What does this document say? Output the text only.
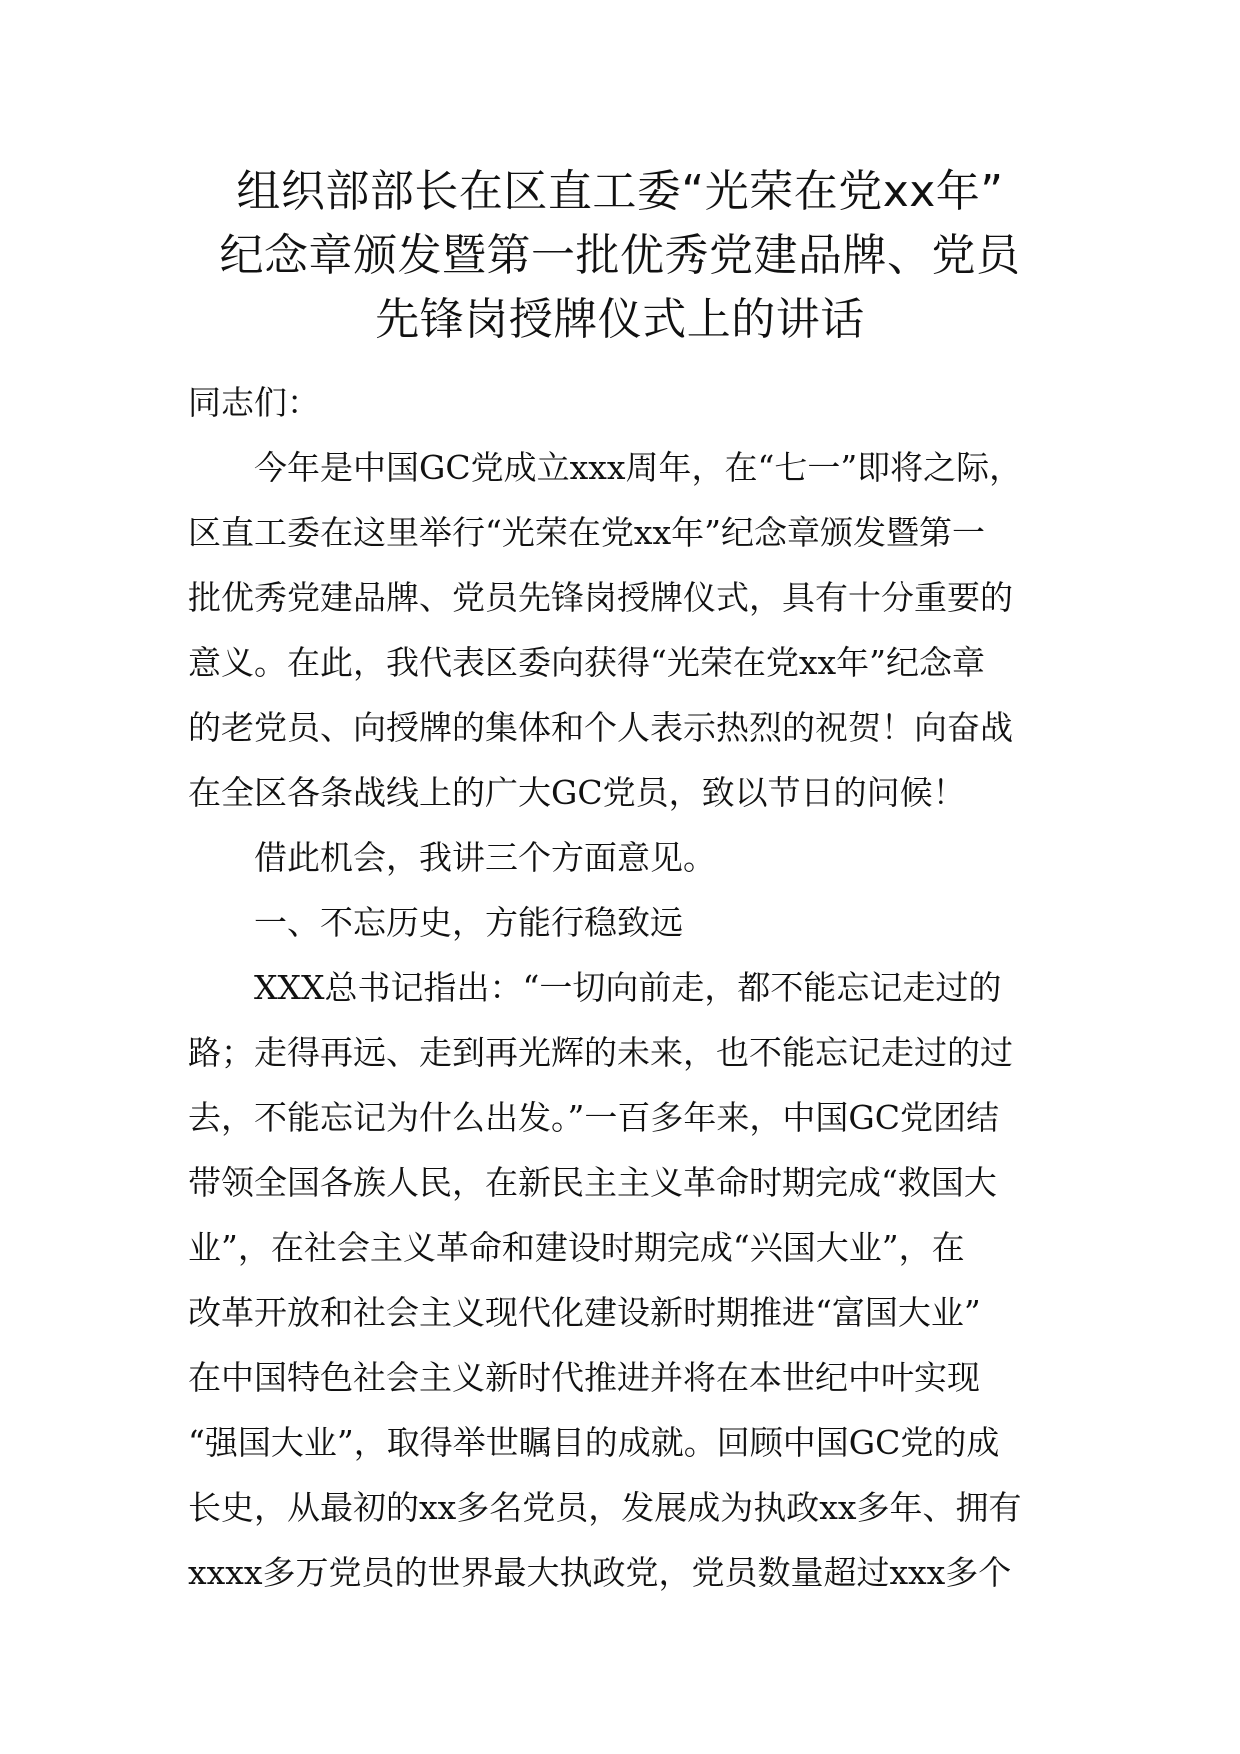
组织部部长在区直工委“光荣在党xx年”
纪念章颁发暨第一批优秀党建品牌、党员
先锋岗授牌仪式上的讲话

同志们：

今年是中国GC党成立xxx周年，在“七一”即将之际，

区直工委在这里举行“光荣在党xx年”纪念章颁发暨第一

批优秀党建品牌、党员先锋岗授牌仪式，具有十分重要的

意义。在此，我代表区委向获得“光荣在党xx年”纪念章

的老党员、向授牌的集体和个人表示热烈的祝贺！向奋战

在全区各条战线上的广大GC党员，致以节日的问候！

借此机会，我讲三个方面意见。

一、不忘历史，方能行稳致远

XXX总书记指出：“一切向前走，都不能忘记走过的

路；走得再远、走到再光辉的未来，也不能忘记走过的过

去，不能忘记为什么出发。”一百多年来，中国GC党团结

带领全国各族人民，在新民主主义革命时期完成“救国大

业”，在社会主义革命和建设时期完成“兴国大业”，在

改革开放和社会主义现代化建设新时期推进“富国大业”

在中国特色社会主义新时代推进并将在本世纪中叶实现

“强国大业”，取得举世瞩目的成就。回顾中国GC党的成

长史，从最初的xx多名党员，发展成为执政xx多年、拥有

xxxx多万党员的世界最大执政党，党员数量超过xxx多个
